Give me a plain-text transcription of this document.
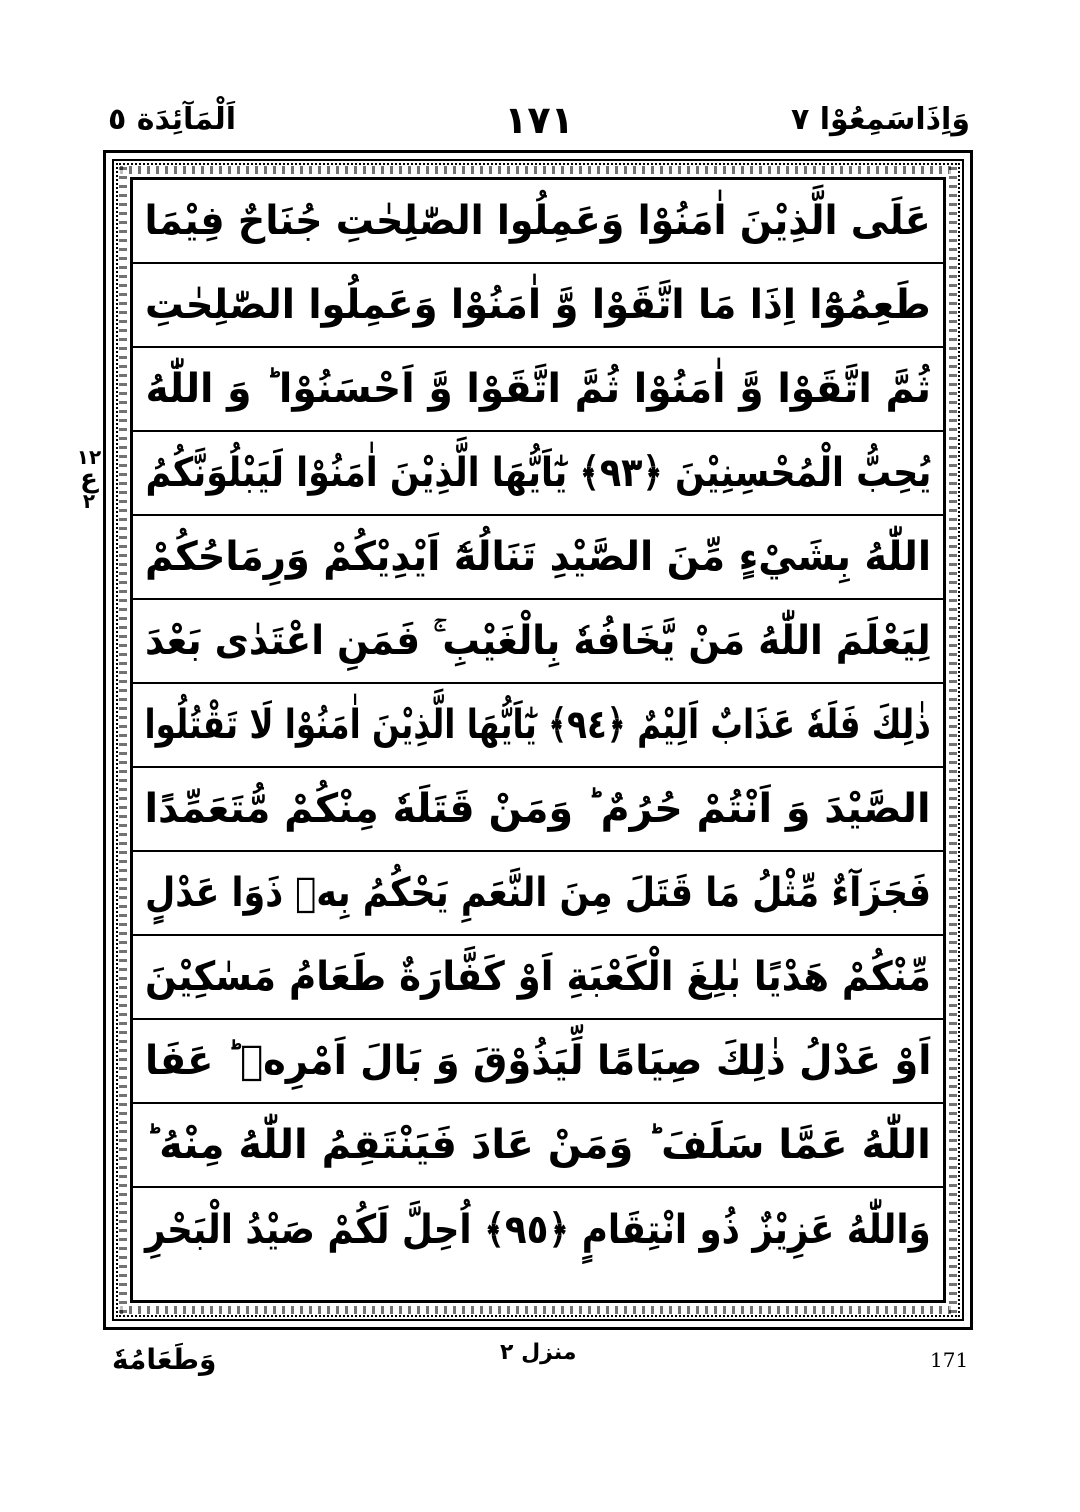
اَلْمَآئِدَة ٥	١٧١	وَاِذَاسَمِعُوْا ٧
١٢
ع
٢
عَلَى الَّذِيْنَ اٰمَنُوْا وَعَمِلُوا الصّٰلِحٰتِ جُنَاحٌ فِيْمَا
طَعِمُوْٓا اِذَا مَا اتَّقَوْا وَّ اٰمَنُوْا وَعَمِلُوا الصّٰلِحٰتِ
ثُمَّ اتَّقَوْا وَّ اٰمَنُوْا ثُمَّ اتَّقَوْا وَّ اَحْسَنُوْا ؕ وَ اللّٰهُ
يُحِبُّ الْمُحْسِنِيْنَ ﴿٩٣﴾ يٰٓاَيُّهَا الَّذِيْنَ اٰمَنُوْا لَيَبْلُوَنَّكُمُ
اللّٰهُ بِشَيْءٍ مِّنَ الصَّيْدِ تَنَالُهٗٓ اَيْدِيْكُمْ وَرِمَاحُكُمْ
لِيَعْلَمَ اللّٰهُ مَنْ يَّخَافُهٗ بِالْغَيْبِ ۚ فَمَنِ اعْتَدٰى بَعْدَ
ذٰلِكَ فَلَهٗ عَذَابٌ اَلِيْمٌ ﴿٩٤﴾ يٰٓاَيُّهَا الَّذِيْنَ اٰمَنُوْا لَا تَقْتُلُوا
الصَّيْدَ وَ اَنْتُمْ حُرُمٌ ؕ وَمَنْ قَتَلَهٗ مِنْكُمْ مُّتَعَمِّدًا
فَجَزَآءٌ مِّثْلُ مَا قَتَلَ مِنَ النَّعَمِ يَحْكُمُ بِهٖ ذَوَا عَدْلٍ
مِّنْكُمْ هَدْيًا بٰلِغَ الْكَعْبَةِ اَوْ كَفَّارَةٌ طَعَامُ مَسٰكِيْنَ
اَوْ عَدْلُ ذٰلِكَ صِيَامًا لِّيَذُوْقَ وَ بَالَ اَمْرِهٖ ؕ عَفَا
اللّٰهُ عَمَّا سَلَفَ ؕ وَمَنْ عَادَ فَيَنْتَقِمُ اللّٰهُ مِنْهُ ؕ
وَاللّٰهُ عَزِيْزٌ ذُو انْتِقَامٍ ﴿٩٥﴾ اُحِلَّ لَكُمْ صَيْدُ الْبَحْرِ
وَطَعَامُهٗ	منزل ٢	171
